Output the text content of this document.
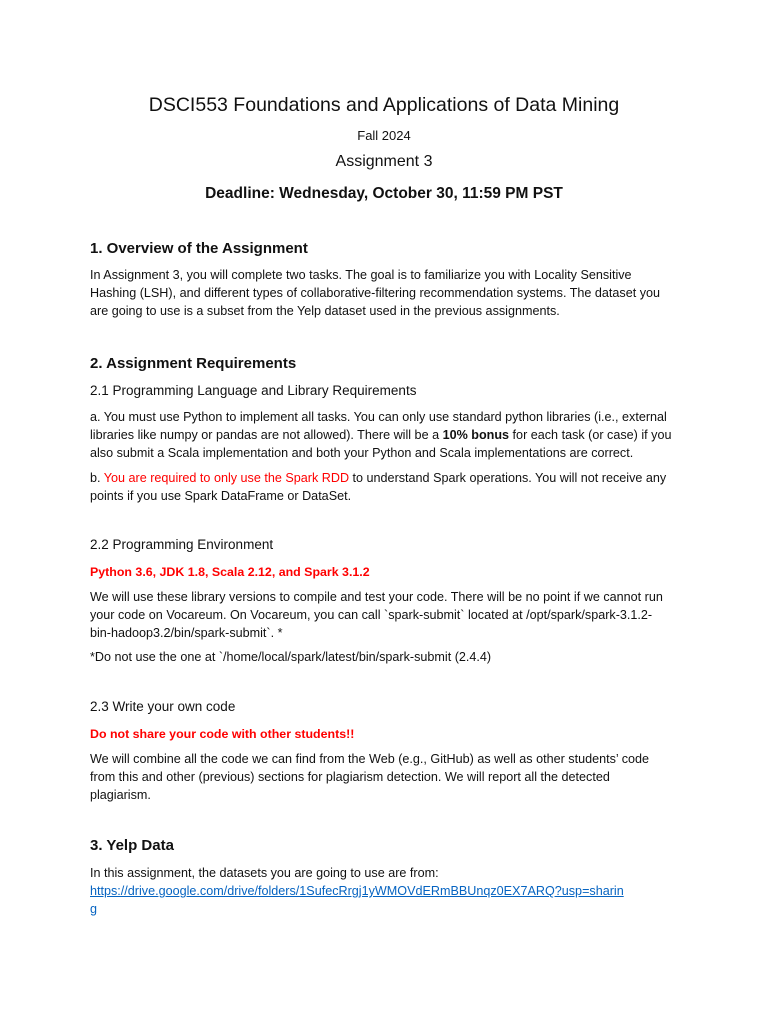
DSCI553 Foundations and Applications of Data Mining
Fall 2024
Assignment 3
Deadline: Wednesday, October 30, 11:59 PM PST
1. Overview of the Assignment
In Assignment 3, you will complete two tasks. The goal is to familiarize you with Locality Sensitive
Hashing (LSH), and different types of collaborative-filtering recommendation systems. The dataset you
are going to use is a subset from the Yelp dataset used in the previous assignments.
2. Assignment Requirements
2.1 Programming Language and Library Requirements
a. You must use Python to implement all tasks. You can only use standard python libraries (i.e., external
libraries like numpy or pandas are not allowed). There will be a 10% bonus for each task (or case) if you
also submit a Scala implementation and both your Python and Scala implementations are correct.
b. You are required to only use the Spark RDD to understand Spark operations. You will not receive any
points if you use Spark DataFrame or DataSet.
2.2 Programming Environment
Python 3.6, JDK 1.8, Scala 2.12, and Spark 3.1.2
We will use these library versions to compile and test your code. There will be no point if we cannot run
your code on Vocareum. On Vocareum, you can call `spark-submit` located at /opt/spark/spark-3.1.2-
bin-hadoop3.2/bin/spark-submit`. *
*Do not use the one at `/home/local/spark/latest/bin/spark-submit (2.4.4)
2.3 Write your own code
Do not share your code with other students!!
We will combine all the code we can find from the Web (e.g., GitHub) as well as other students’ code
from this and other (previous) sections for plagiarism detection. We will report all the detected
plagiarism.
3. Yelp Data
In this assignment, the datasets you are going to use are from:
https://drive.google.com/drive/folders/1SufecRrgj1yWMOVdERmBBUnqz0EX7ARQ?usp=sharin
g
